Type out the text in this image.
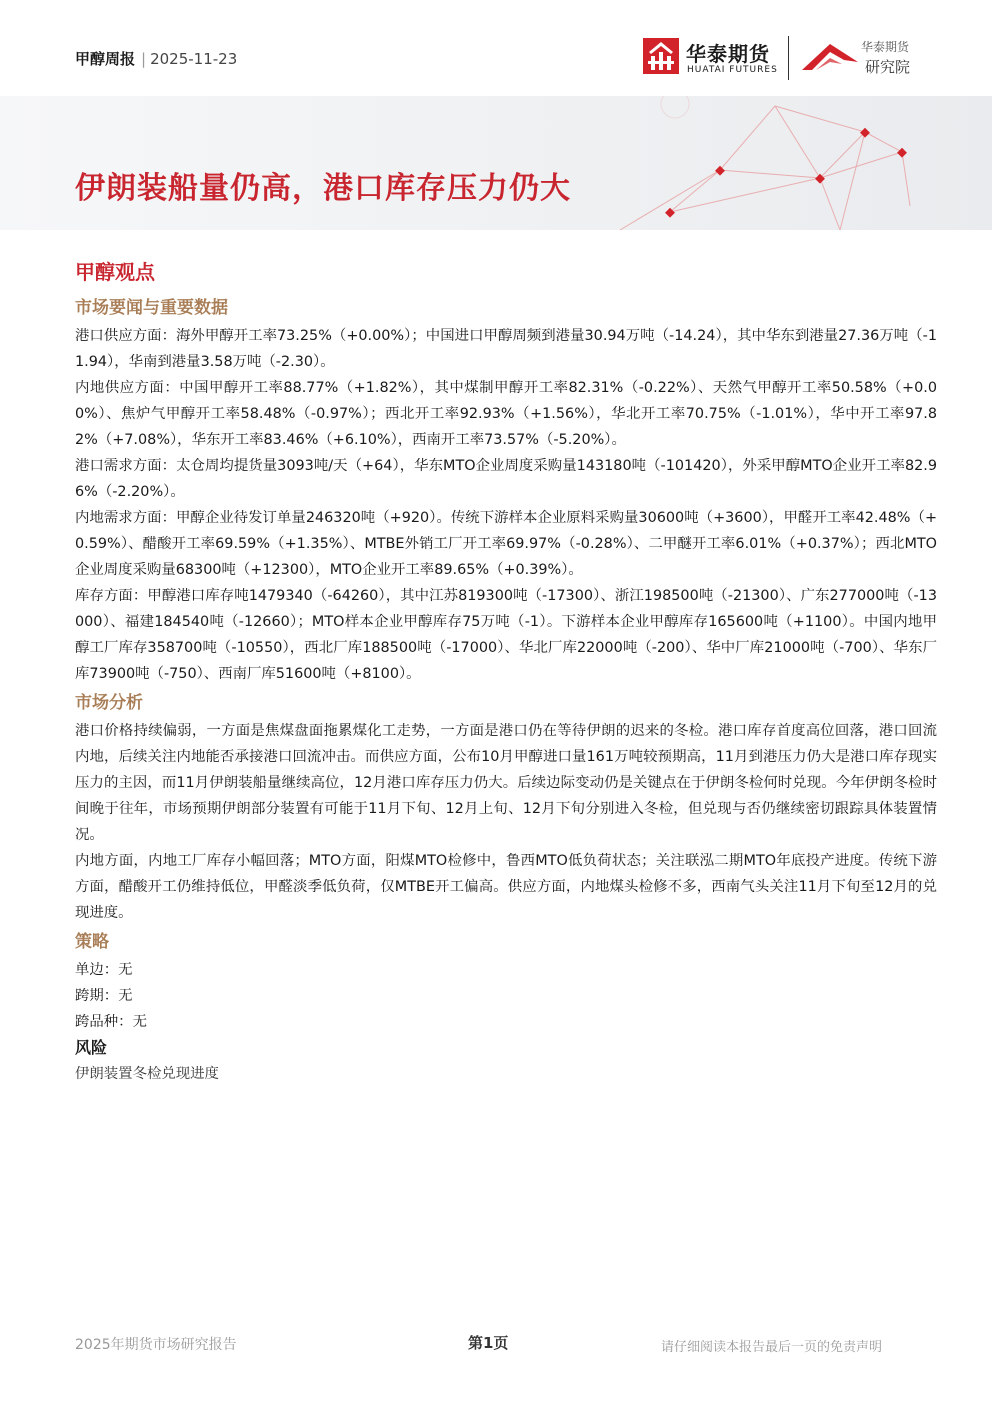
甲醇周报 | 2025-11-23	华泰期货
HUATAI FUTURES
华泰期货
研究院
伊朗装船量仍高，港口库存压力仍大
甲醇观点
市场要闻与重要数据

港口供应方面：海外甲醇开工率73.25%（+0.00%）；中国进口甲醇周频到港量30.94万吨（-14.24），其中华东到港量27.36万吨（-11.94），华南到港量3.58万吨（-2.30）。

内地供应方面：中国甲醇开工率88.77%（+1.82%），其中煤制甲醇开工率82.31%（-0.22%）、天然气甲醇开工率50.58%（+0.00%）、焦炉气甲醇开工率58.48%（-0.97%）；西北开工率92.93%（+1.56%），华北开工率70.75%（-1.01%），华中开工率97.82%（+7.08%），华东开工率83.46%（+6.10%），西南开工率73.57%（-5.20%）。

港口需求方面：太仓周均提货量3093吨/天（+64），华东MTO企业周度采购量143180吨（-101420），外采甲醇MTO企业开工率82.96%（-2.20%）。

内地需求方面：甲醇企业待发订单量246320吨（+920）。传统下游样本企业原料采购量30600吨（+3600），甲醛开工率42.48%（+0.59%）、醋酸开工率69.59%（+1.35%）、MTBE外销工厂开工率69.97%（-0.28%）、二甲醚开工率6.01%（+0.37%）；西北MTO企业周度采购量68300吨（+12300），MTO企业开工率89.65%（+0.39%）。

库存方面：甲醇港口库存吨1479340（-64260），其中江苏819300吨（-17300）、浙江198500吨（-21300）、广东277000吨（-13000）、福建184540吨（-12660）；MTO样本企业甲醇库存75万吨（-1）。下游样本企业甲醇库存165600吨（+1100）。中国内地甲醇工厂库存358700吨（-10550），西北厂库188500吨（-17000）、华北厂库22000吨（-200）、华中厂库21000吨（-700）、华东厂库73900吨（-750）、西南厂库51600吨（+8100）。

市场分析

港口价格持续偏弱，一方面是焦煤盘面拖累煤化工走势，一方面是港口仍在等待伊朗的迟来的冬检。港口库存首度高位回落，港口回流内地，后续关注内地能否承接港口回流冲击。而供应方面，公布10月甲醇进口量161万吨较预期高，11月到港压力仍大是港口库存现实压力的主因，而11月伊朗装船量继续高位，12月港口库存压力仍大。后续边际变动仍是关键点在于伊朗冬检何时兑现。今年伊朗冬检时间晚于往年，市场预期伊朗部分装置有可能于11月下旬、12月上旬、12月下旬分别进入冬检，但兑现与否仍继续密切跟踪具体装置情况。

内地方面，内地工厂库存小幅回落；MTO方面，阳煤MTO检修中，鲁西MTO低负荷状态；关注联泓二期MTO年底投产进度。传统下游方面，醋酸开工仍维持低位，甲醛淡季低负荷，仅MTBE开工偏高。供应方面，内地煤头检修不多，西南气头关注11月下旬至12月的兑现进度。

策略

单边：无

跨期：无

跨品种：无

风险

伊朗装置冬检兑现进度

2025年期货市场研究报告	第1页	请仔细阅读本报告最后一页的免责声明
